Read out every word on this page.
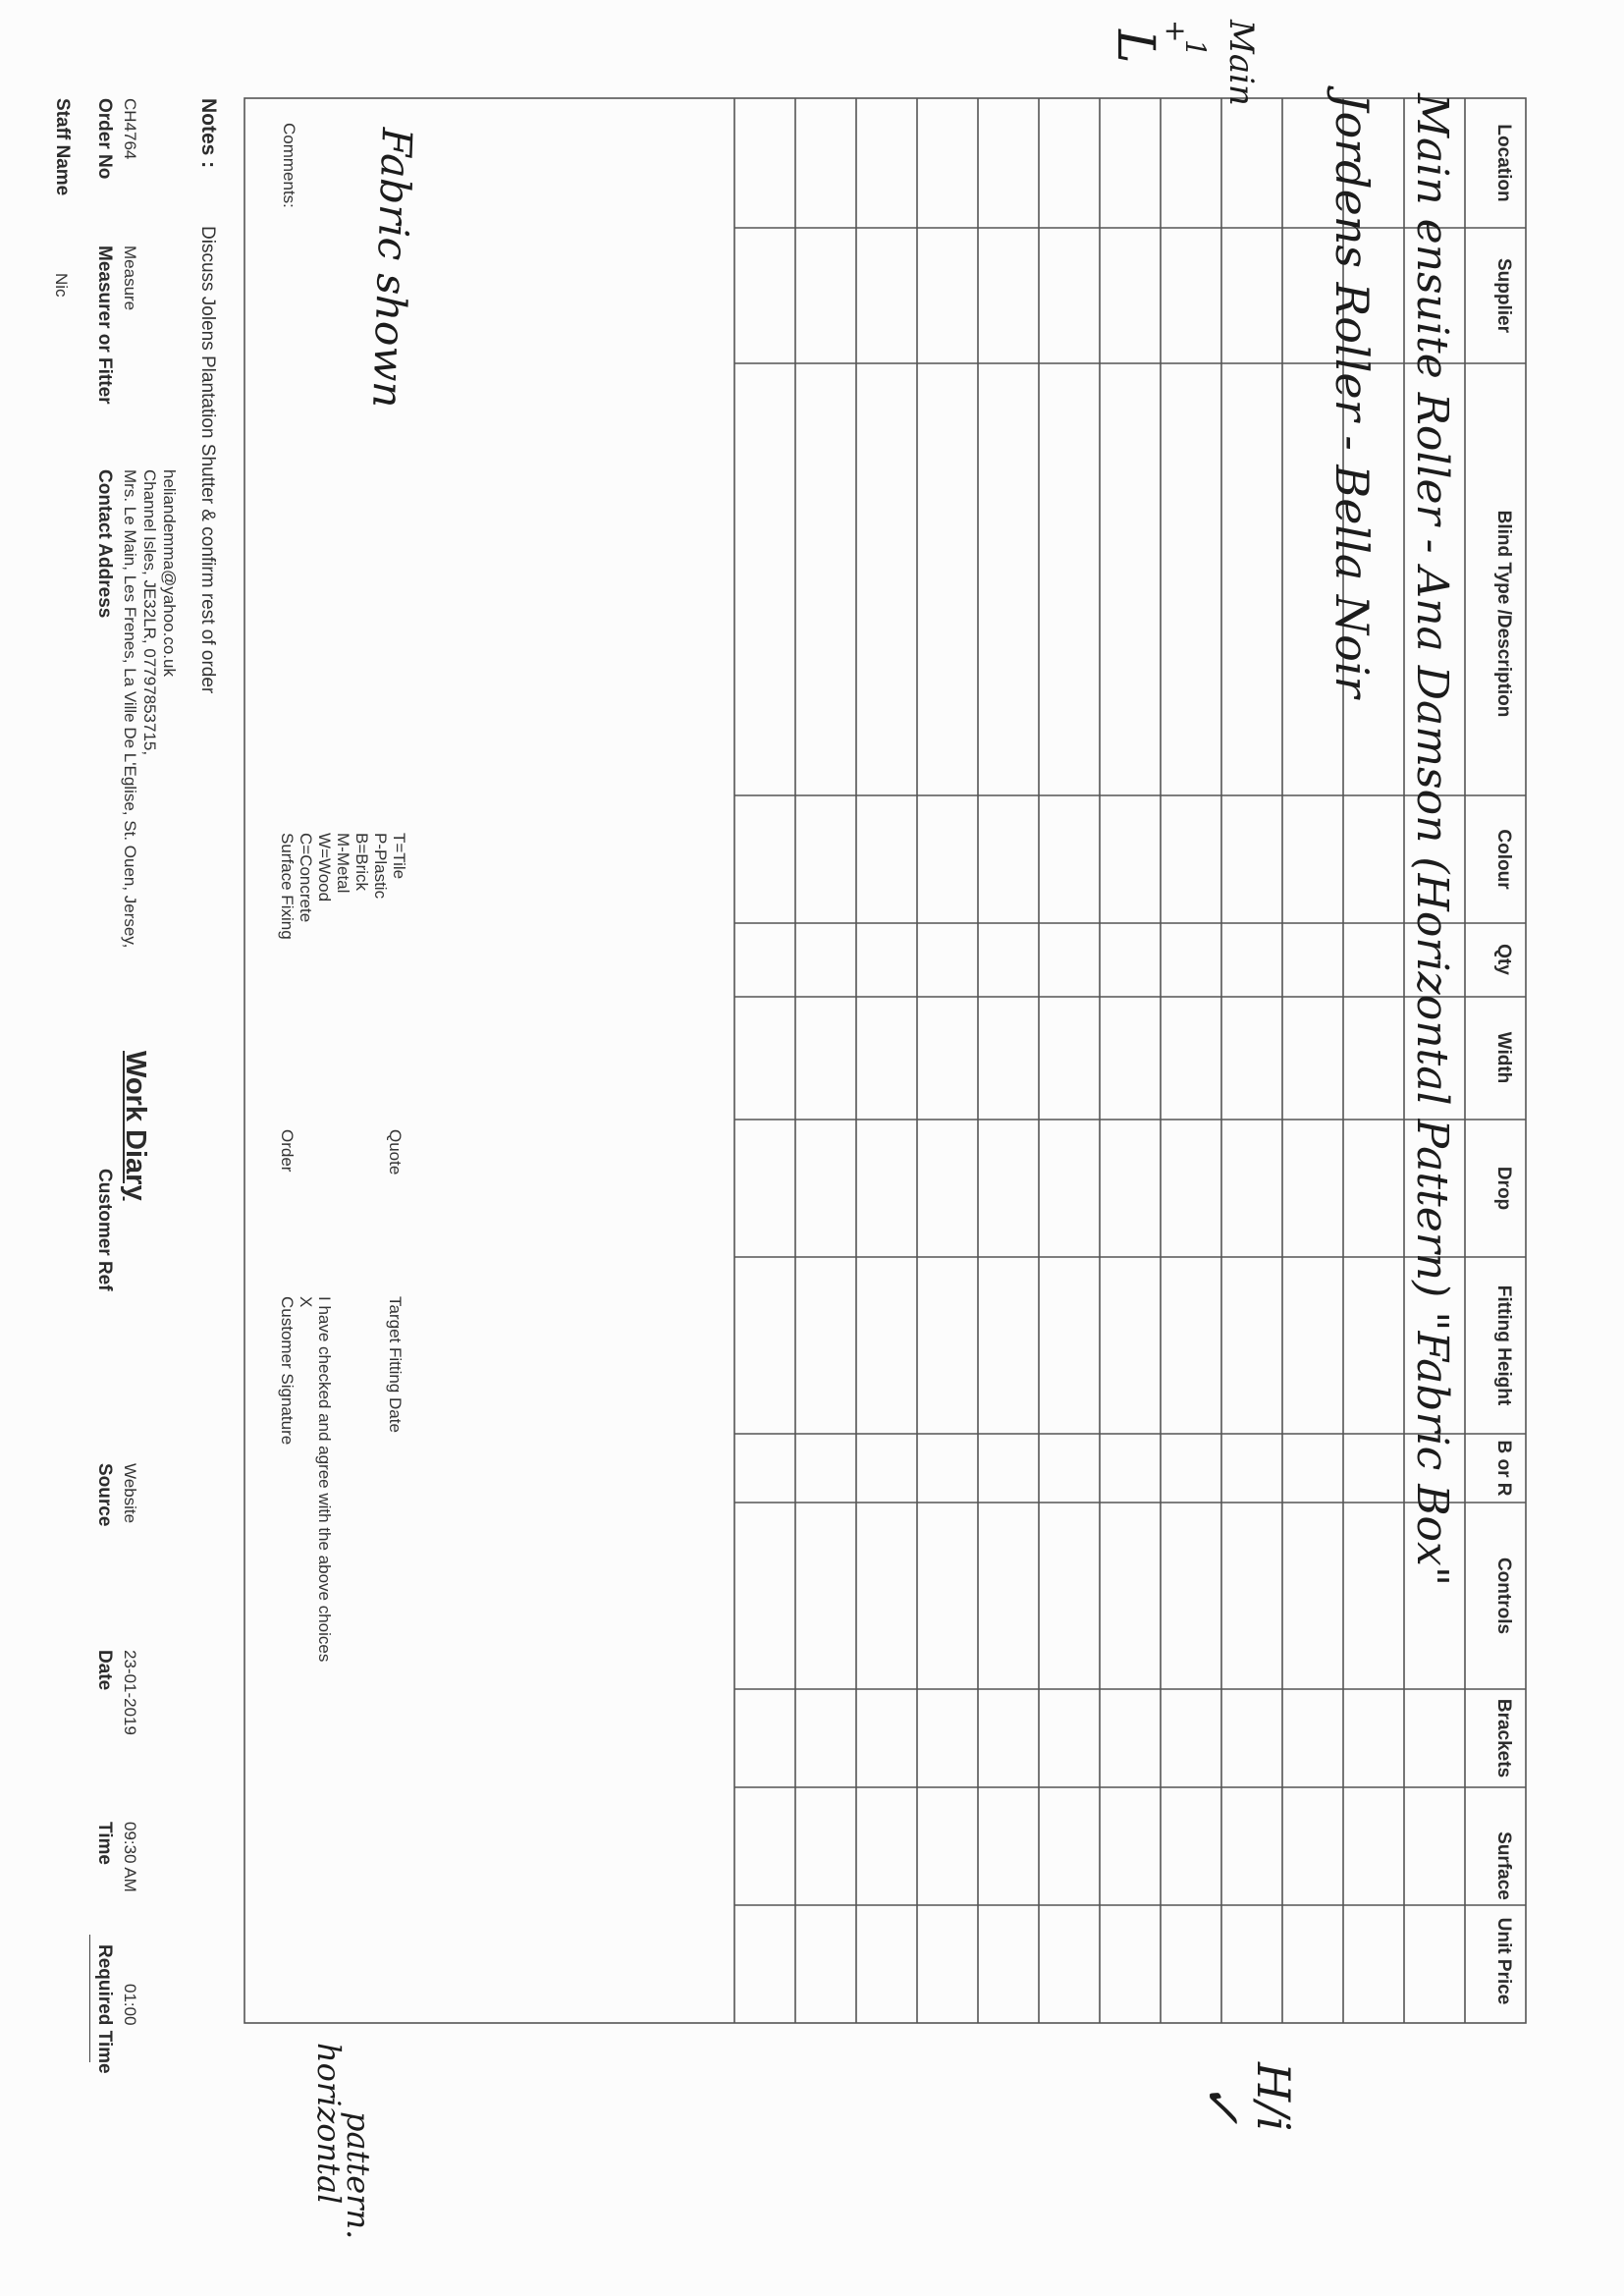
Work Diary
Staff Name
Nic
Order No
Measurer or Fitter
Contact Address
Customer Ref
Source
Date
Time
Required Time
CH4764
Measure
Mrs. Le Main, Les Frenes, La Ville De L'Eglise, St. Ouen, Jersey, Channel Isles, JE32LR, 07797853715, heliandemma@yahoo.co.uk
Website
23-01-2019
09:30 AM
01:00
Notes :
Discuss Jolens Plantation Shutter & confirm rest of order
Location
Supplier
Blind Type /Description
Colour
Qty
Width
Drop
Fitting Height
B or R
Controls
Brackets
Surface
Unit Price
Comments: Fabric shown
Surface Fixing C=Concrete W=Wood M-Metal B=Brick P-Plastic T=Tile
Order	Quote
Customer Signature X I have checked and agree with the above choices	Target Fitting Date
Main
1
+
L
horizontal
pattern.
✓
H/i
Jordens Roller - Bella Noir Main ensuite Roller - Ana Damson (Horizontal Pattern) "Fabric Box"
